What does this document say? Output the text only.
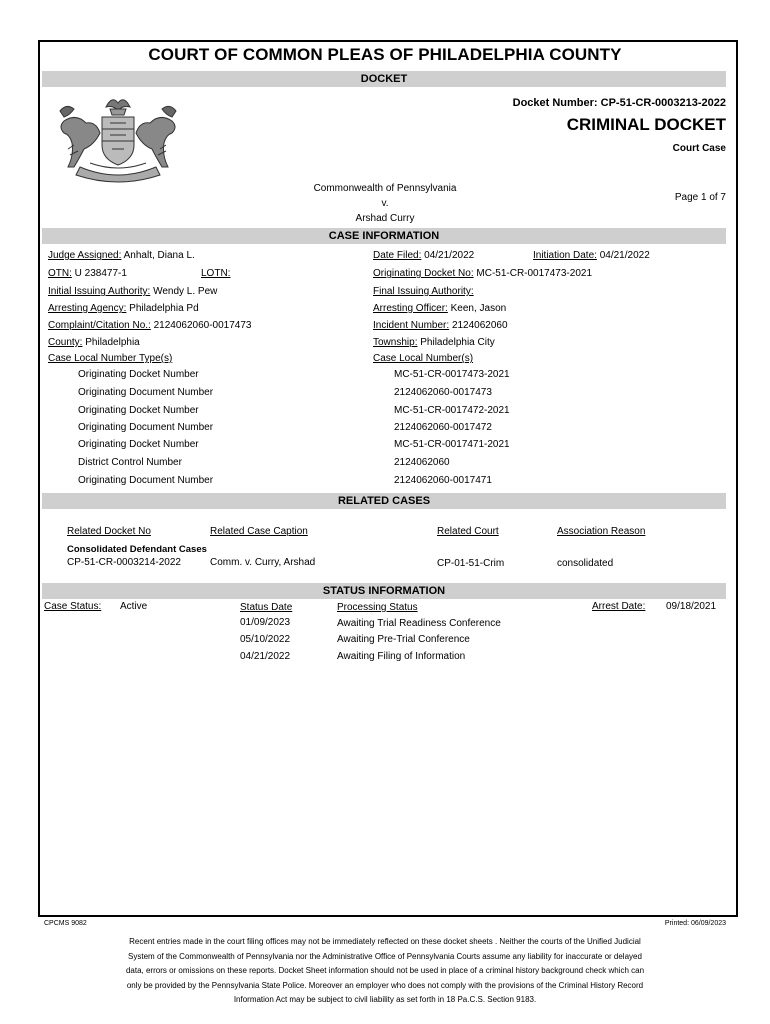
COURT OF COMMON PLEAS OF PHILADELPHIA COUNTY
DOCKET
Docket Number: CP-51-CR-0003213-2022
CRIMINAL DOCKET
Court Case
Commonwealth of Pennsylvania
v.
Arshad Curry
Page 1 of 7
CASE INFORMATION
Judge Assigned: Anhalt, Diana L.	Date Filed: 04/21/2022	Initiation Date: 04/21/2022
OTN: U 238477-1	LOTN:	Originating Docket No: MC-51-CR-0017473-2021
Initial Issuing Authority: Wendy L. Pew	Final Issuing Authority:
Arresting Agency: Philadelphia Pd	Arresting Officer: Keen, Jason
Complaint/Citation No.: 2124062060-0017473	Incident Number: 2124062060
County: Philadelphia	Township: Philadelphia City
Case Local Number Type(s)	Case Local Number(s)
Originating Docket Number	MC-51-CR-0017473-2021
Originating Document Number	2124062060-0017473
Originating Docket Number	MC-51-CR-0017472-2021
Originating Document Number	2124062060-0017472
Originating Docket Number	MC-51-CR-0017471-2021
District Control Number	2124062060
Originating Document Number	2124062060-0017471
RELATED CASES
Related Docket No	Related Case Caption	Related Court	Association Reason
Consolidated Defendant Cases
CP-51-CR-0003214-2022	Comm. v. Curry, Arshad	CP-01-51-Crim	consolidated
STATUS INFORMATION
Case Status: Active	Status Date	Processing Status	Arrest Date: 09/18/2021
01/09/2023	Awaiting Trial Readiness Conference
05/10/2022	Awaiting Pre-Trial Conference
04/21/2022	Awaiting Filing of Information
CPCMS 9082	Printed: 06/09/2023
Recent entries made in the court filing offices may not be immediately reflected on these docket sheets . Neither the courts of the Unified Judicial
System of the Commonwealth of Pennsylvania nor the Administrative Office of Pennsylvania Courts assume any liability for inaccurate or delayed
data, errors or omissions on these reports. Docket Sheet information should not be used in place of a criminal history background check which can
only be provided by the Pennsylvania State Police. Moreover an employer who does not comply with the provisions of the Criminal History Record
Information Act may be subject to civil liability as set forth in 18 Pa.C.S. Section 9183.
